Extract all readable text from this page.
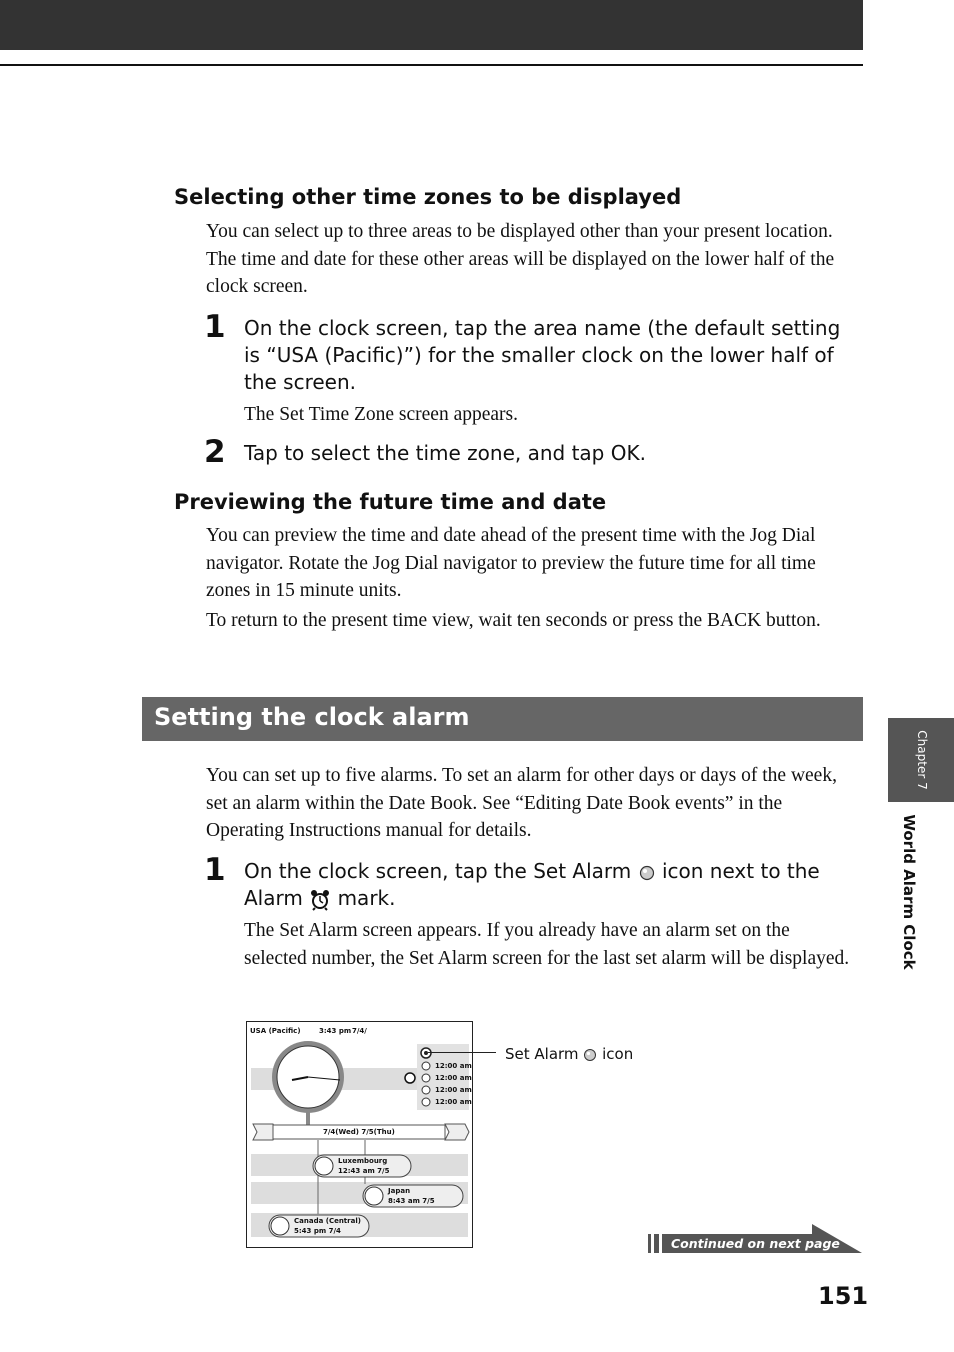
Selecting other time zones to be displayed
You can select up to three areas to be displayed other than your present location. The time and date for these other areas will be displayed on the lower half of the clock screen.
1 On the clock screen, tap the area name (the default setting is “USA (Pacific)”) for the smaller clock on the lower half of the screen.
The Set Time Zone screen appears.
2 Tap to select the time zone, and tap OK.
Previewing the future time and date
You can preview the time and date ahead of the present time with the Jog Dial navigator. Rotate the Jog Dial navigator to preview the future time for all time zones in 15 minute units.
To return to the present time view, wait ten seconds or press the BACK button.
Setting the clock alarm
You can set up to five alarms. To set an alarm for other days or days of the week, set an alarm within the Date Book. See “Editing Date Book events” in the Operating Instructions manual for details.
1 On the clock screen, tap the Set Alarm icon next to the Alarm mark.
The Set Alarm screen appears. If you already have an alarm set on the selected number, the Set Alarm screen for the last set alarm will be displayed.
USA (Pacific)	3:43 pm 7/4/
12:00 am
12:00 am
12:00 am
12:00 am
7/4(Wed) 7/5(Thu)
Luxembourg
12:43 am 7/5
Japan
8:43 am 7/5
Canada (Central)
5:43 pm 7/4
Set Alarm icon
Chapter 7
World Alarm Clock
Continued on next page
151
